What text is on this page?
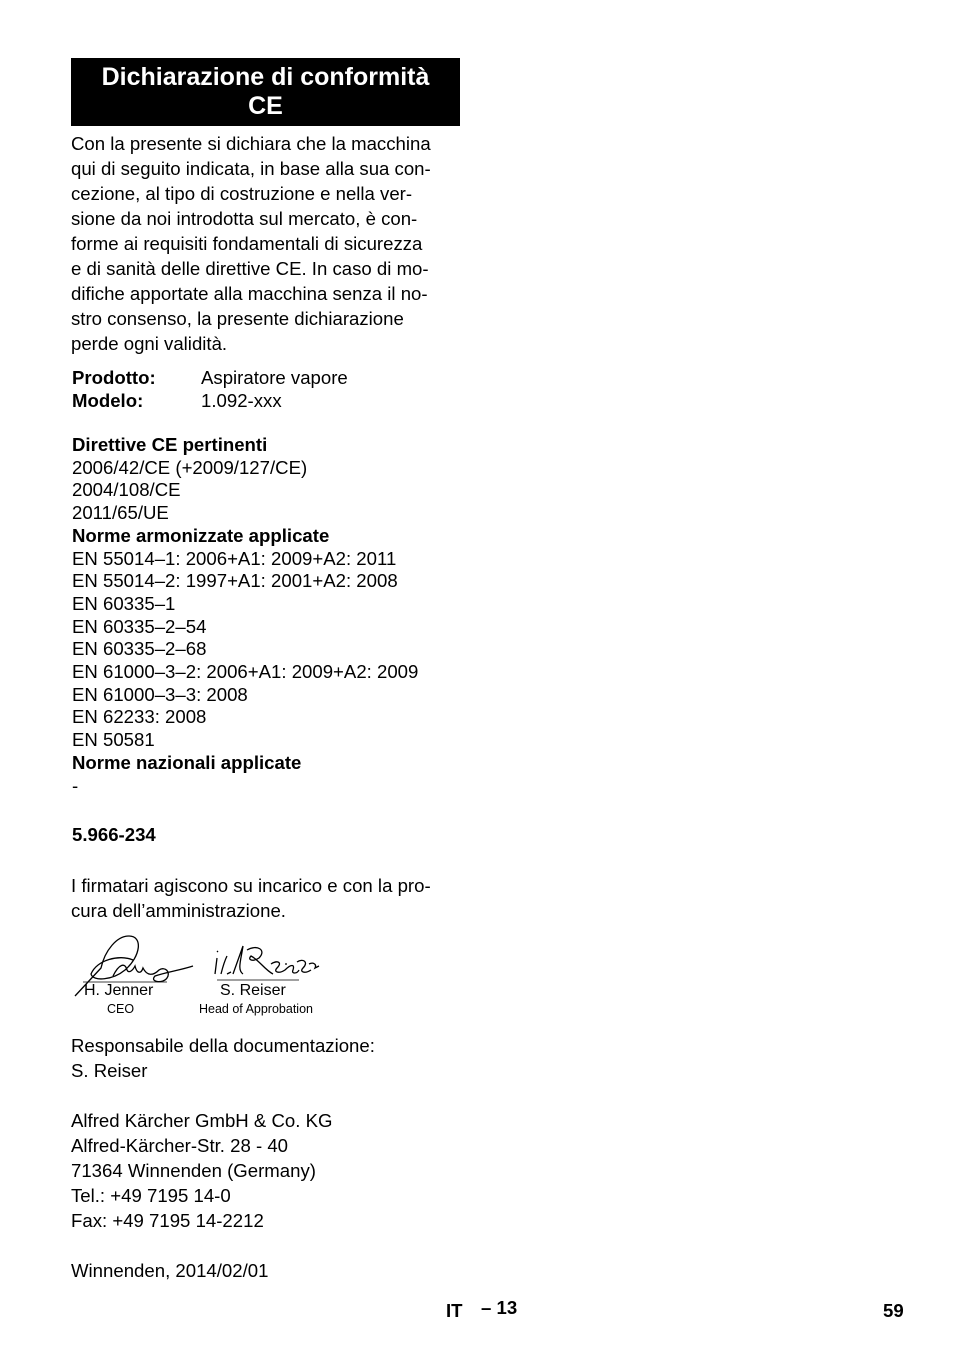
Dichiarazione di conformità
CE
Con la presente si dichiara che la macchina
qui di seguito indicata, in base alla sua con-
cezione, al tipo di costruzione e nella ver-
sione da noi introdotta sul mercato, è con-
forme ai requisiti fondamentali di sicurezza
e di sanità delle direttive CE. In caso di mo-
difiche apportate alla macchina senza il no-
stro consenso, la presente dichiarazione
perde ogni validità.
Prodotto: Aspiratore vapore
Modelo:	1.092-xxx
Direttive CE pertinenti
2006/42/CE (+2009/127/CE)
2004/108/CE
2011/65/UE
Norme armonizzate applicate
EN 55014–1: 2006+A1: 2009+A2: 2011
EN 55014–2: 1997+A1: 2001+A2: 2008
EN 60335–1
EN 60335–2–54
EN 60335–2–68
EN 61000–3–2: 2006+A1: 2009+A2: 2009
EN 61000–3–3: 2008
EN 62233: 2008
EN 50581
Norme nazionali applicate
-
5.966-234
I firmatari agiscono su incarico e con la pro-
cura dell’amministrazione.
H. Jenner
CEO
S. Reiser
Head of Approbation
Responsabile della documentazione:
S. Reiser
Alfred Kärcher GmbH & Co. KG
Alfred-Kärcher-Str. 28 - 40
71364 Winnenden (Germany)
Tel.: +49 7195 14-0
Fax: +49 7195 14-2212
Winnenden, 2014/02/01
IT – 13	59
